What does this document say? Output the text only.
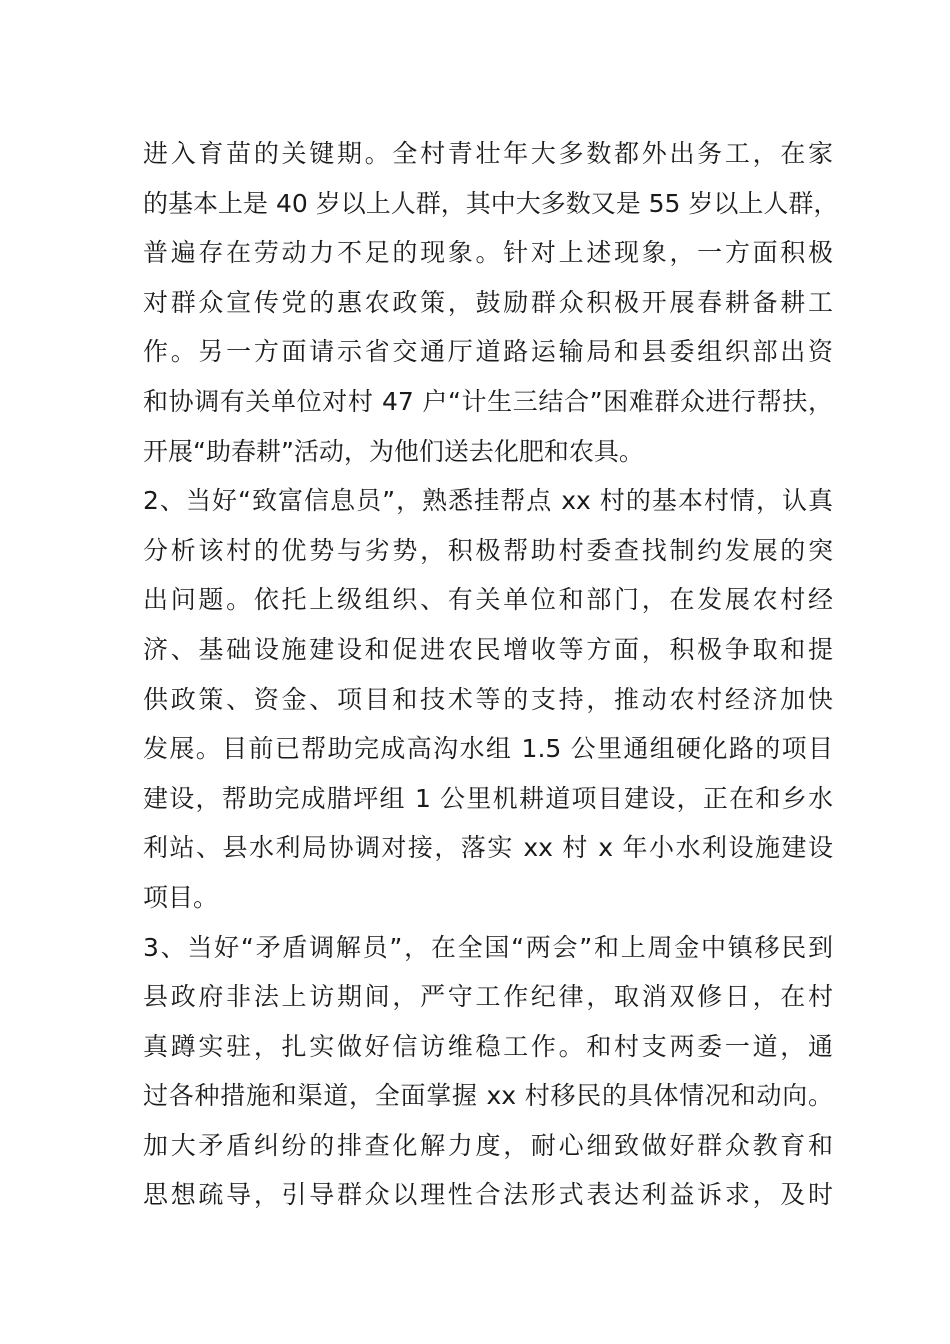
进入育苗的关键期。全村青壮年大多数都外出务工，在家
的基本上是 40 岁以上人群，其中大多数又是 55 岁以上人群，
普遍存在劳动力不足的现象。针对上述现象，一方面积极
对群众宣传党的惠农政策，鼓励群众积极开展春耕备耕工
作。另一方面请示省交通厅道路运输局和县委组织部出资
和协调有关单位对村 47 户“计生三结合”困难群众进行帮扶，
开展“助春耕”活动，为他们送去化肥和农具。
2、当好“致富信息员”，熟悉挂帮点 xx 村的基本村情，认真
分析该村的优势与劣势，积极帮助村委查找制约发展的突
出问题。依托上级组织、有关单位和部门，在发展农村经
济、基础设施建设和促进农民增收等方面，积极争取和提
供政策、资金、项目和技术等的支持，推动农村经济加快
发展。目前已帮助完成高沟水组 1.5 公里通组硬化路的项目
建设，帮助完成腊坪组 1 公里机耕道项目建设，正在和乡水
利站、县水利局协调对接，落实 xx 村 x 年小水利设施建设
项目。
3、当好“矛盾调解员”，在全国“两会”和上周金中镇移民到
县政府非法上访期间，严守工作纪律，取消双修日，在村
真蹲实驻，扎实做好信访维稳工作。和村支两委一道，通
过各种措施和渠道，全面掌握 xx 村移民的具体情况和动向。
加大矛盾纠纷的排查化解力度，耐心细致做好群众教育和
思想疏导，引导群众以理性合法形式表达利益诉求，及时
